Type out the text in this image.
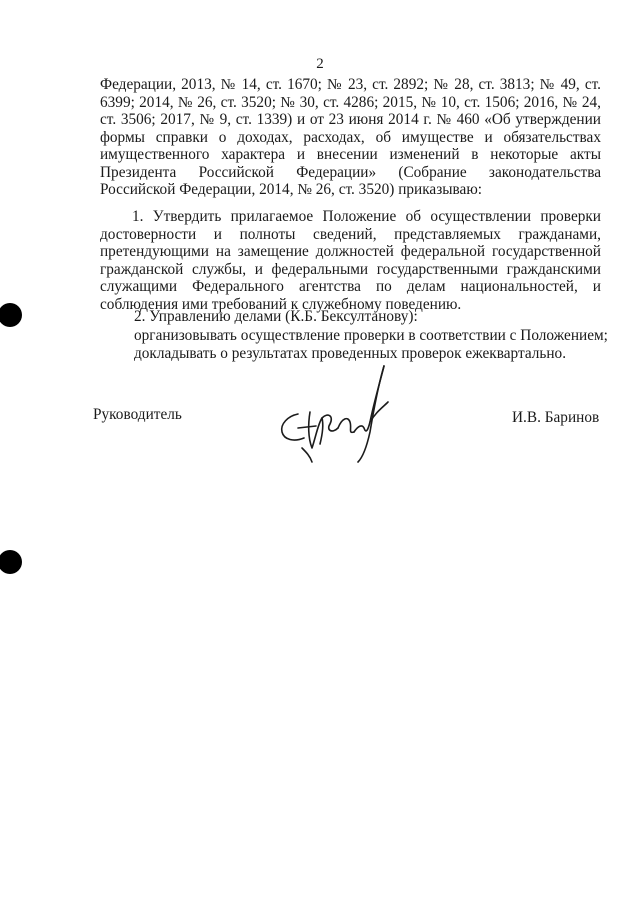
2

Федерации, 2013, № 14, ст. 1670; № 23, ст. 2892; № 28, ст. 3813; № 49, ст. 6399; 2014, № 26, ст. 3520; № 30, ст. 4286; 2015, № 10, ст. 1506; 2016, № 24, ст. 3506; 2017, № 9, ст. 1339) и от 23 июня 2014 г. № 460 «Об утверждении формы справки о доходах, расходах, об имуществе и обязательствах имущественного характера и внесении изменений в некоторые акты Президента Российской Федерации» (Собрание законодательства Российской Федерации, 2014, № 26, ст. 3520) приказываю:

1. Утвердить прилагаемое Положение об осуществлении проверки достоверности и полноты сведений, представляемых гражданами, претендующими на замещение должностей федеральной государственной гражданской службы, и федеральными государственными гражданскими служащими Федерального агентства по делам национальностей, и соблюдения ими требований к служебному поведению.

2. Управлению делами (К.Б. Бексултанову):
организовывать осуществление проверки в соответствии с Положением;
докладывать о результатах проведенных проверок ежеквартально.
Руководитель	И.В. Баринов
